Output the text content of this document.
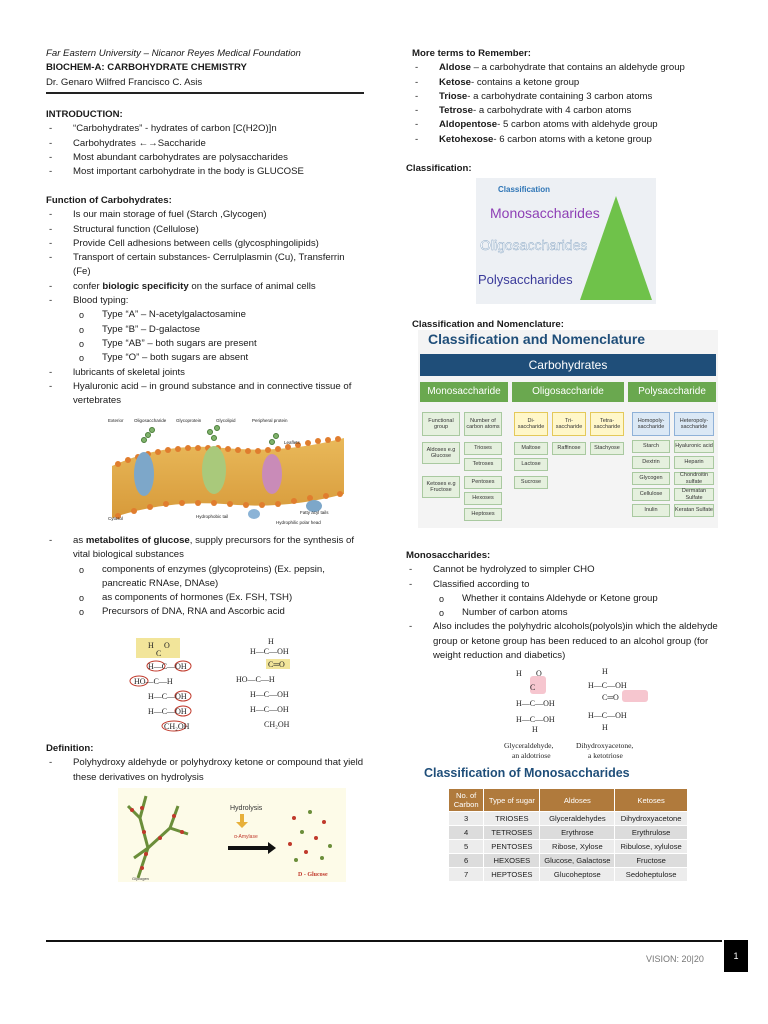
Far Eastern University – Nicanor Reyes Medical Foundation
BIOCHEM-A: CARBOHYDRATE CHEMISTRY
Dr. Genaro Wilfred Francisco C. Asis
INTRODUCTION:
- “Carbohydrates” - hydrates of carbon [C(H2O)]n
- Carbohydrates ←→Saccharide
- Most abundant carbohydrates are polysaccharides
- Most important carbohydrate in the body is GLUCOSE
Function of Carbohydrates:
- Is our main storage of fuel (Starch ,Glycogen)
- Structural function (Cellulose)
- Provide Cell adhesions between cells (glycosphingolipids)
- Transport of certain substances- Cerrulplasmin (Cu), Transferrin (Fe)
- confer biologic specificity on the surface of animal cells
- Blood typing:
o Type “A” – N-acetylgalactosamine
o Type “B” – D-galactose
o Type “AB” – both sugars are present
o Type “O” – both sugars are absent
- lubricants of skeletal joints
- Hyaluronic acid – in ground substance and in connective tissue of vertebrates
Exterior Oligosaccharide Glycoprotein	Glycolipid	Peripheral protein
Leaflets
Cytosol	Hydrophobic tail
Hydrophilic polar head
Fatty acyl tails
- as metabolites of glucose, supply precursors for the synthesis of vital biological substances
o components of enzymes (glycoproteins) (Ex. pepsin, pancreatic RNAse, DNAse)
o as components of hormones (Ex. FSH, TSH)
o Precursors of DNA, RNA and Ascorbic acid
H O
C
H—C—OH
HO—C—H
H—C—OH
H—C—OH
CH₂OH
H
H—C—OH
C═O
HO—C—H
H—C—OH
H—C—OH
CH₂OH
Definition:
- Polyhydroxy aldehyde or polyhydroxy ketone or compound that yield these derivatives on hydrolysis
Hydrolysis
α-Amylase
D - Glucose
Glycogen
More terms to Remember:
- Aldose – a carbohydrate that contains an aldehyde group
- Ketose- contains a ketone group
- Triose- a carbohydrate containing 3 carbon atoms
- Tetrose- a carbohydrate with 4 carbon atoms
- Aldopentose- 5 carbon atoms with aldehyde group
- Ketohexose- 6 carbon atoms with a ketone group
Classification:
Classification
Monosaccharides
Oligosaccharides
Polysaccharides
Classification and Nomenclature:
Classification and Nomenclature
Carbohydrates
Monosaccharide	Oligosaccharide	Polysaccharide
Functional group
Number of carbon atoms
Aldoses e.g Glucose
Trioses
Tetroses
Ketoses e.g Fructose
Pentoses
Hexoses
Heptoses
Di-saccharide
Tri-saccharide
Tetra-saccharide
Maltose	Raffinose	Stachyose
Lactose
Sucrose
Homopoly-saccharide
Heteropoly-saccharide
Starch	Hyaluronic acid
Dextrin	Heparin
Glycogen
Chondroitin sulfate
Cellulose
Dermatan Sulfate
Inulin	Keratan Sulfate
Monosaccharides:
- Cannot be hydrolyzed to simpler CHO
- Classified according to
o Whether it contains Aldehyde or Ketone group
o Number of carbon atoms
- Also includes the polyhydric alcohols(polyols)in which the aldehyde group or ketone group has been reduced to an alcohol group (for weight reduction and diabetics)
H O
C
H—C—OH
H—C—OH
H
H
H—C—OH
C═O
H—C—OH
H
Glyceraldehyde,
an aldotriose
Dihydroxyacetone,
a ketotriose
Classification of Monosaccharides
No. of Carbon	Type of sugar	Aldoses	Ketoses
3	TRIOSES	Glyceraldehydes	Dihydroxyacetone
4	TETROSES	Erythrose	Erythrulose
5	PENTOSES	Ribose, Xylose	Ribulose, xylulose
6	HEXOSES	Glucose, Galactose	Fructose
7	HEPTOSES	Glucoheptose	Sedoheptulose
VISION: 20|20	1
